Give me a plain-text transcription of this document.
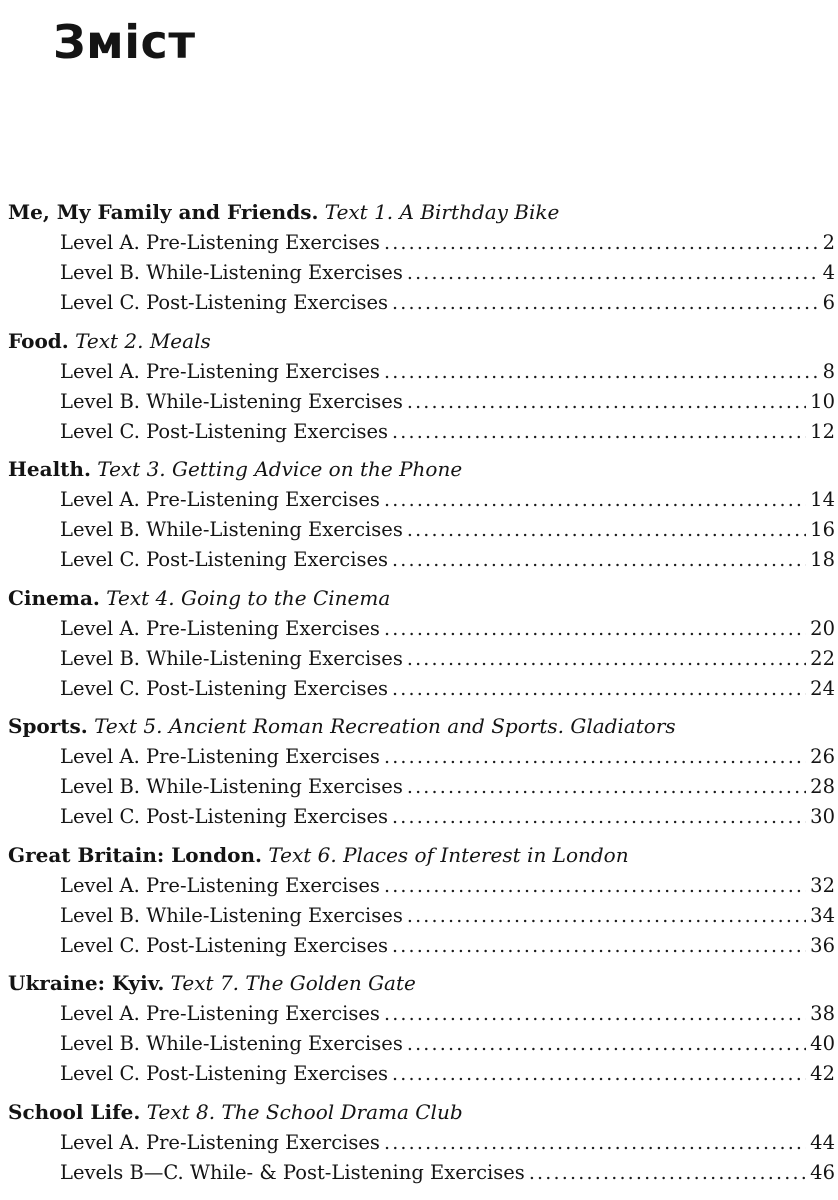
Зміст
Me, My Family and Friends. Text 1. A Birthday Bike
Level A. Pre-Listening Exercises .....	2
Level B. While-Listening Exercises .....	4
Level C. Post-Listening Exercises .....	6
Food. Text 2. Meals
Level A. Pre-Listening Exercises .....	8
Level B. While-Listening Exercises .....	10
Level C. Post-Listening Exercises .....	12
Health. Text 3. Getting Advice on the Phone
Level A. Pre-Listening Exercises .....	14
Level B. While-Listening Exercises .....	16
Level C. Post-Listening Exercises .....	18
Cinema. Text 4. Going to the Cinema
Level A. Pre-Listening Exercises .....	20
Level B. While-Listening Exercises .....	22
Level C. Post-Listening Exercises .....	24
Sports. Text 5. Ancient Roman Recreation and Sports. Gladiators
Level A. Pre-Listening Exercises .....	26
Level B. While-Listening Exercises .....	28
Level C. Post-Listening Exercises .....	30
Great Britain: London. Text 6. Places of Interest in London
Level A. Pre-Listening Exercises .....	32
Level B. While-Listening Exercises .....	34
Level C. Post-Listening Exercises .....	36
Ukraine: Kyiv. Text 7. The Golden Gate
Level A. Pre-Listening Exercises .....	38
Level B. While-Listening Exercises .....	40
Level C. Post-Listening Exercises .....	42
School Life. Text 8. The School Drama Club
Level A. Pre-Listening Exercises .....	44
Levels B—C. While- & Post-Listening Exercises .....	46
